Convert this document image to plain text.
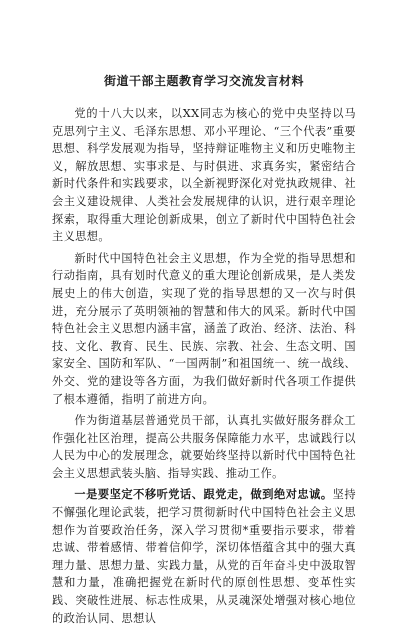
街道干部主题教育学习交流发言材料

党的十八大以来，以XX同志为核心的党中央坚持以马克思列宁主义、毛泽东思想、邓小平理论、“三个代表”重要思想、科学发展观为指导，坚持辩证唯物主义和历史唯物主义，解放思想、实事求是、与时俱进、求真务实，紧密结合新时代条件和实践要求，以全新视野深化对党执政规律、社会主义建设规律、人类社会发展规律的认识，进行艰辛理论探索，取得重大理论创新成果，创立了新时代中国特色社会主义思想。

新时代中国特色社会主义思想，作为全党的指导思想和行动指南，具有划时代意义的重大理论创新成果，是人类发展史上的伟大创造，实现了党的指导思想的又一次与时俱进，充分展示了英明领袖的智慧和伟大的风采。新时代中国特色社会主义思想内涵丰富，涵盖了政治、经济、法治、科技、文化、教育、民生、民族、宗教、社会、生态文明、国家安全、国防和军队、“一国两制”和祖国统一、统一战线、外交、党的建设等各方面，为我们做好新时代各项工作提供了根本遵循，指明了前进方向。

作为街道基层普通党员干部，认真扎实做好服务群众工作强化社区治理，提高公共服务保障能力水平，忠诚践行以人民为中心的发展理念，就要始终坚持以新时代中国特色社会主义思想武装头脑、指导实践、推动工作。

一是要坚定不移听党话、跟党走，做到绝对忠诚。坚持不懈强化理论武装，把学习贯彻新时代中国特色社会主义思想作为首要政治任务，深入学习贯彻*重要指示要求，带着忠诚、带着感情、带着信仰学，深切体悟蕴含其中的强大真理力量、思想力量、实践力量，从党的百年奋斗史中汲取智慧和力量，准确把握党在新时代的原创性思想、变革性实践、突破性进展、标志性成果，从灵魂深处增强对核心地位的政治认同、思想认
